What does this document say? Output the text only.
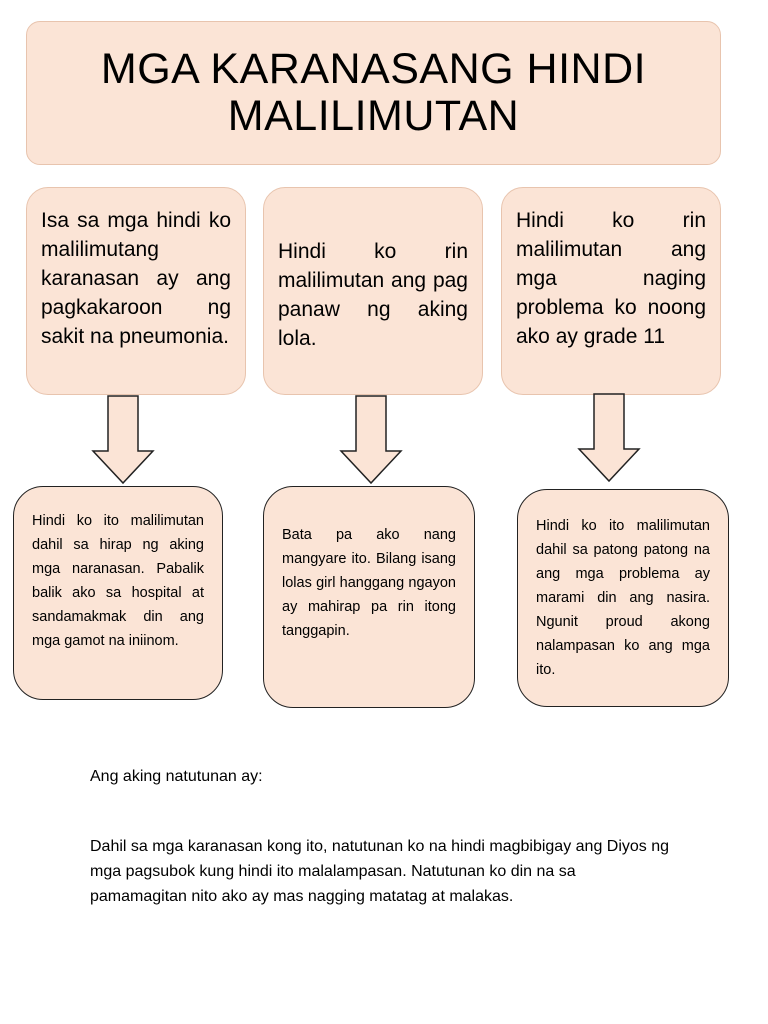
MGA KARANASANG HINDI MALILIMUTAN
Isa sa mga hindi ko malilimutang karanasan ay ang pagkakaroon ng sakit na pneumonia.
Hindi ko rin malilimutan ang pag panaw ng aking lola.
Hindi ko rin malilimutan ang mga naging problema ko noong ako ay grade 11
Hindi ko ito malilimutan dahil sa hirap ng aking mga naranasan. Pabalik balik ako sa hospital at sandamakmak din ang mga gamot na iniinom.
Bata pa ako nang mangyare ito. Bilang isang lolas girl hanggang ngayon ay mahirap pa rin itong tanggapin.
Hindi ko ito malilimutan dahil sa patong patong na ang mga problema ay marami din ang nasira. Ngunit proud akong nalampasan ko ang mga ito.
Ang aking natutunan ay:
Dahil sa mga karanasan kong ito, natutunan ko na hindi magbibigay ang Diyos ng mga pagsubok kung hindi ito malalampasan. Natutunan ko din na sa pamamagitan nito ako ay mas nagging matatag at malakas.
